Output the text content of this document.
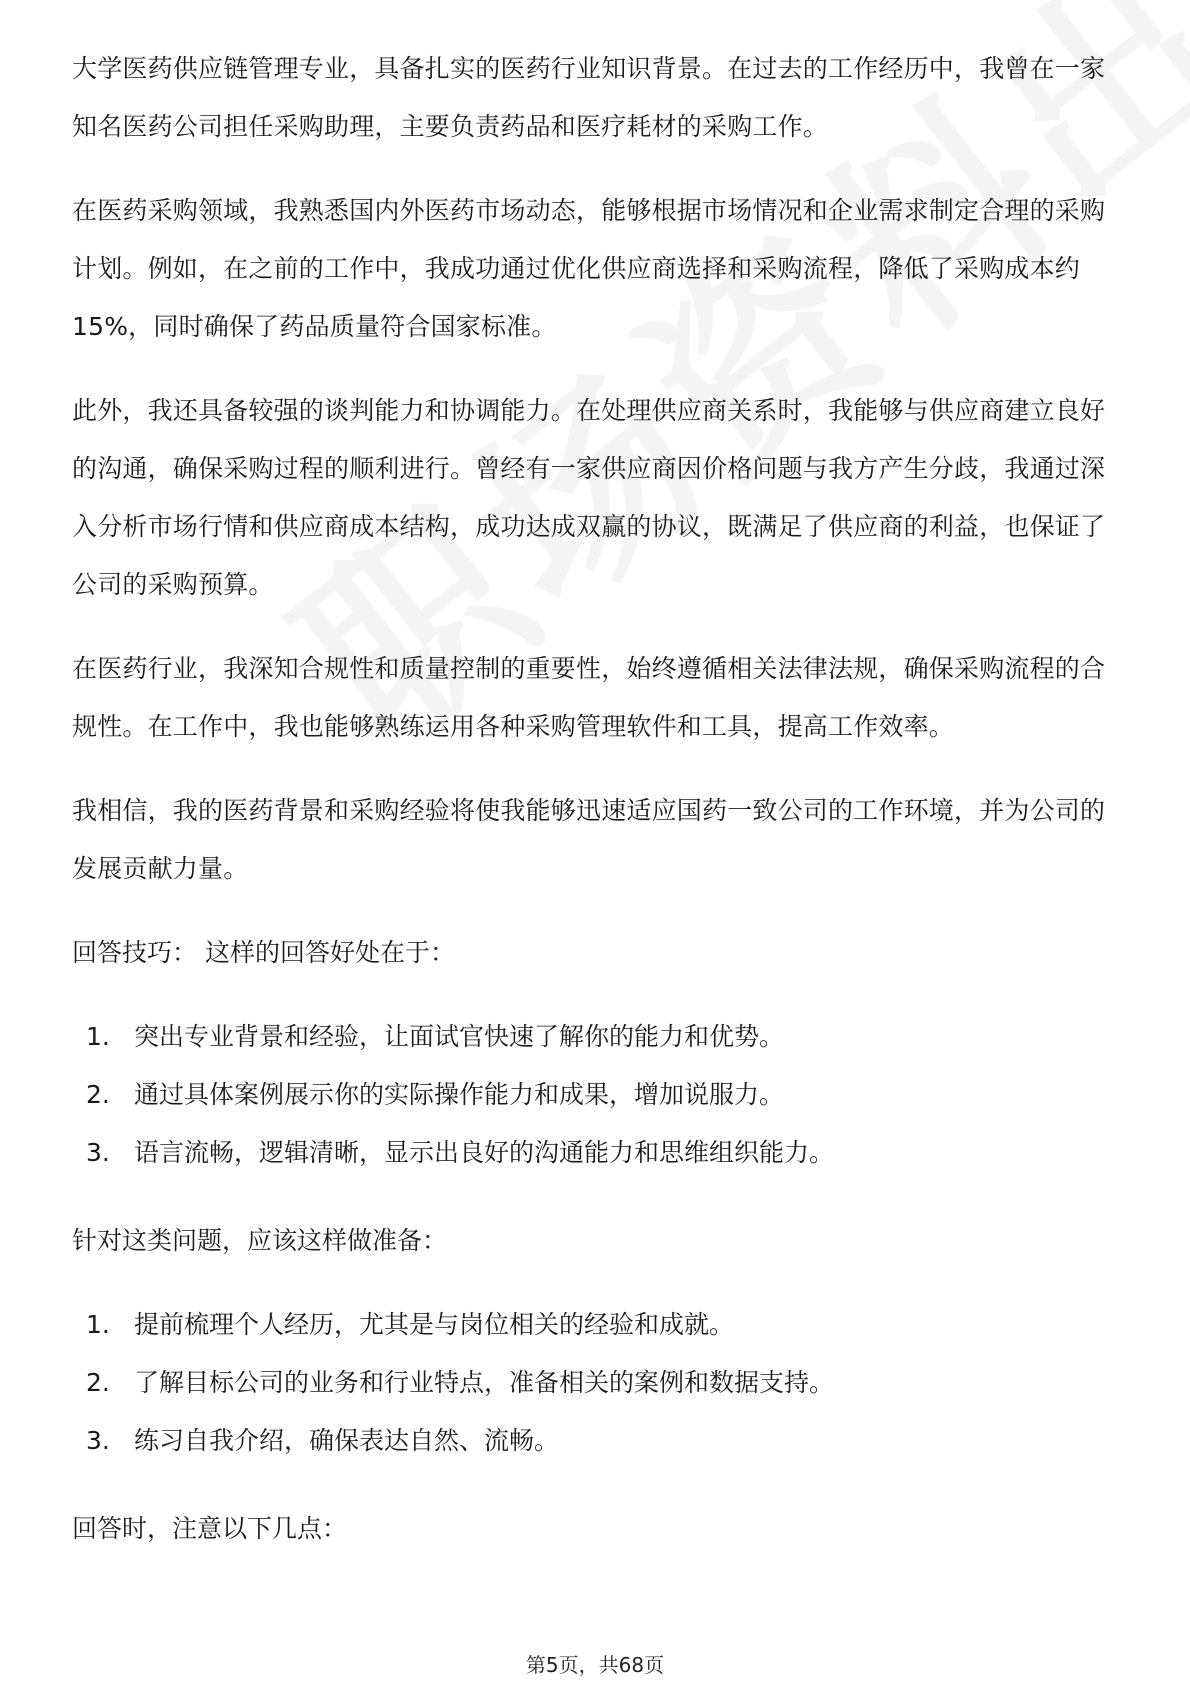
大学医药供应链管理专业，具备扎实的医药行业知识背景。在过去的工作经历中，我曾在一家知名医药公司担任采购助理，主要负责药品和医疗耗材的采购工作。

在医药采购领域，我熟悉国内外医药市场动态，能够根据市场情况和企业需求制定合理的采购计划。例如，在之前的工作中，我成功通过优化供应商选择和采购流程，降低了采购成本约15%，同时确保了药品质量符合国家标准。

此外，我还具备较强的谈判能力和协调能力。在处理供应商关系时，我能够与供应商建立良好的沟通，确保采购过程的顺利进行。曾经有一家供应商因价格问题与我方产生分歧，我通过深入分析市场行情和供应商成本结构，成功达成双赢的协议，既满足了供应商的利益，也保证了公司的采购预算。

在医药行业，我深知合规性和质量控制的重要性，始终遵循相关法律法规，确保采购流程的合规性。在工作中，我也能够熟练运用各种采购管理软件和工具，提高工作效率。

我相信，我的医药背景和采购经验将使我能够迅速适应国药一致公司的工作环境，并为公司的发展贡献力量。

回答技巧： 这样的回答好处在于：

1. 突出专业背景和经验，让面试官快速了解你的能力和优势。
2. 通过具体案例展示你的实际操作能力和成果，增加说服力。
3. 语言流畅，逻辑清晰，显示出良好的沟通能力和思维组织能力。

针对这类问题，应该这样做准备：

1. 提前梳理个人经历，尤其是与岗位相关的经验和成就。
2. 了解目标公司的业务和行业特点，准备相关的案例和数据支持。
3. 练习自我介绍，确保表达自然、流畅。

回答时，注意以下几点：

第5页，共68页
